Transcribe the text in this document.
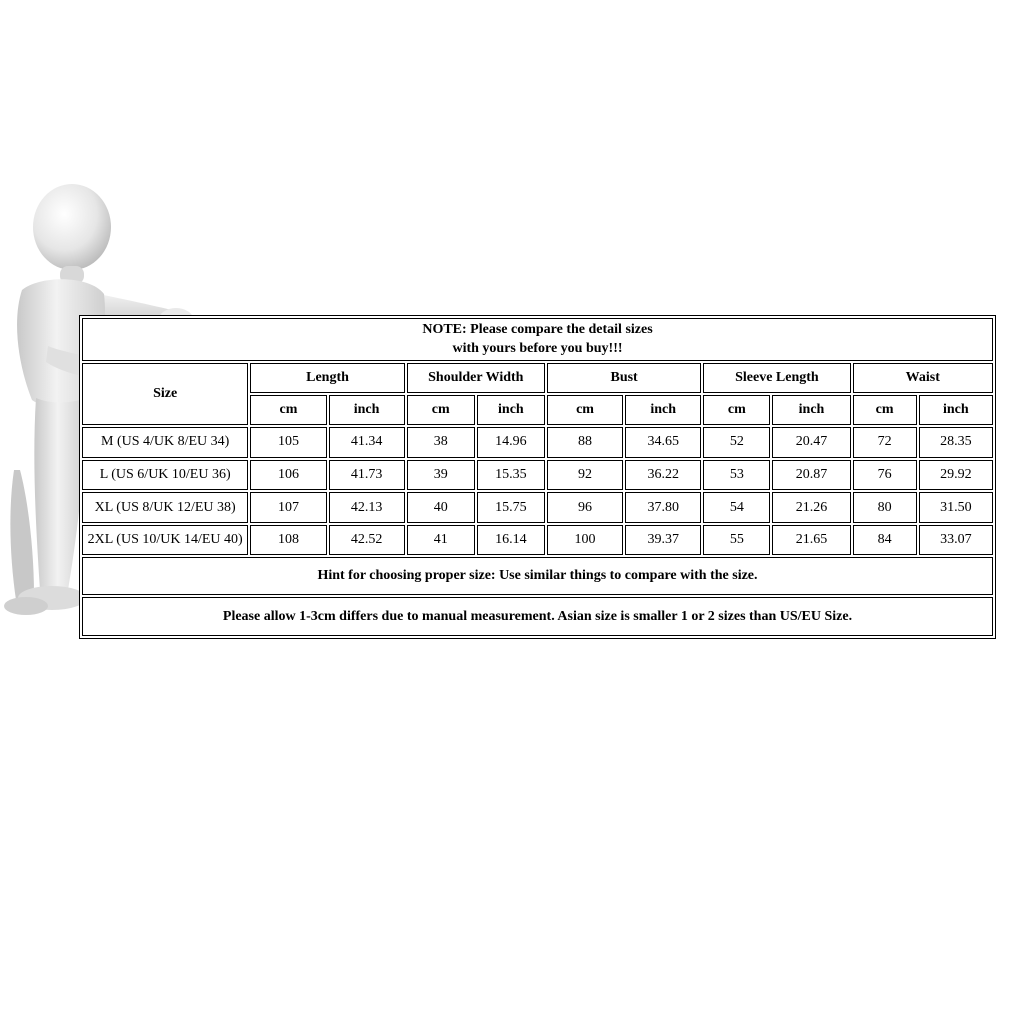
NOTE: Please compare the detail sizes
with yours before you buy!!!										

Size	Length		Shoulder Width		Bust		Sleeve Length		Waist	
	cm	inch	cm	inch	cm	inch	cm	inch	cm	inch
M (US 4/UK 8/EU 34)	105	41.34	38	14.96	88	34.65	52	20.47	72	28.35
L (US 6/UK 10/EU 36)	106	41.73	39	15.35	92	36.22	53	20.87	76	29.92
XL (US 8/UK 12/EU 38)	107	42.13	40	15.75	96	37.80	54	21.26	80	31.50
2XL (US 10/UK 14/EU 40)	108	42.52	41	16.14	100	39.37	55	21.65	84	33.07
Hint for choosing proper size: Use similar things to compare with the size.										
Please allow 1-3cm differs due to manual measurement. Asian size is smaller 1 or 2 sizes than US/EU Size.										
